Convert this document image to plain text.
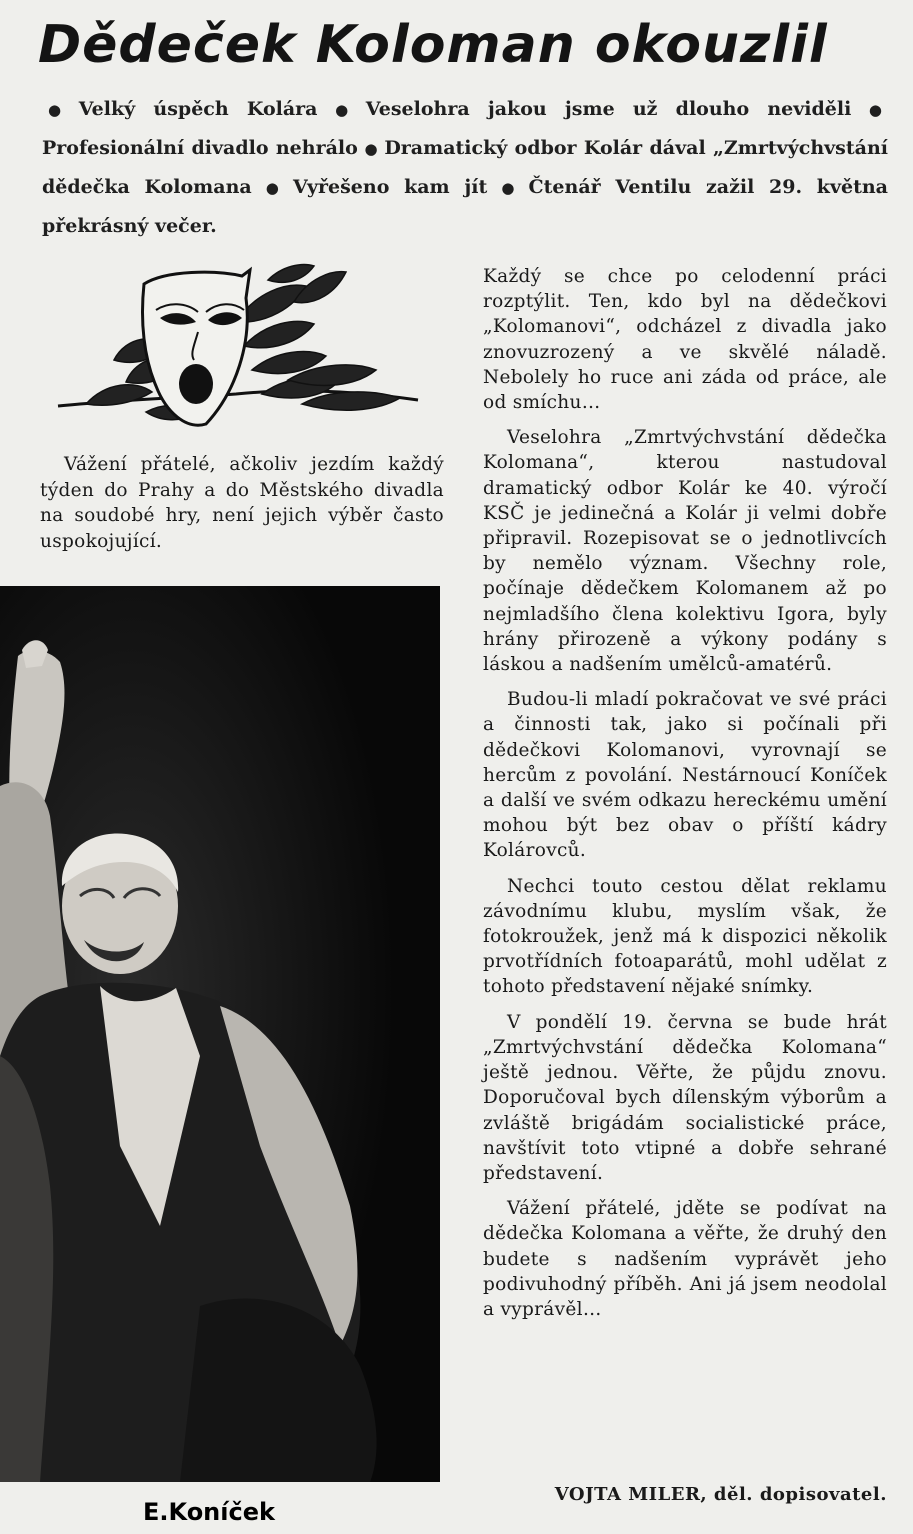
Dědeček Koloman okouzlil

● Velký úspěch Kolára ● Veselohra jakou jsme už dlouho neviděli ● Profesionální divadlo nehrálo ● Dramatický odbor Kolár dával „Zmrtvýchvstání dědečka Kolomana ● Vyřešeno kam jít ● Čtenář Ventilu zažil 29. května překrásný večer.

Vážení přátelé, ačkoliv jezdím každý týden do Prahy a do Městského divadla na soudobé hry, není jejich výběr často uspokojující.

E.Koníček

Každý se chce po celodenní práci rozptýlit. Ten, kdo byl na dědečkovi „Kolomanovi“, odcházel z divadla jako znovuzrozený a ve skvělé náladě. Nebolely ho ruce ani záda od práce, ale od smíchu…

Veselohra „Zmrtvýchvstání dědečka Kolomana“, kterou nastudoval dramatický odbor Kolár ke 40. výročí KSČ je jedinečná a Kolár ji velmi dobře připravil. Rozepisovat se o jednotlivcích by nemělo význam. Všechny role, počínaje dědečkem Kolomanem až po nejmladšího člena kolektivu Igora, byly hrány přirozeně a výkony podány s láskou a nadšením umělců-amatérů.

Budou-li mladí pokračovat ve své práci a činnosti tak, jako si počínali při dědečkovi Kolomanovi, vyrovnají se hercům z povolání. Nestárnoucí Koníček a další ve svém odkazu hereckému umění mohou být bez obav o příští kádry Kolárovců.

Nechci touto cestou dělat reklamu závodnímu klubu, myslím však, že fotokroužek, jenž má k dispozici několik prvotřídních fotoaparátů, mohl udělat z tohoto představení nějaké snímky.

V pondělí 19. června se bude hrát „Zmrtvýchvstání dědečka Kolomana“ ještě jednou. Věřte, že půjdu znovu. Doporučoval bych dílenským výborům a zvláště brigádám socialistické práce, navštívit toto vtipné a dobře sehrané představení.

Vážení přátelé, jděte se podívat na dědečka Kolomana a věřte, že druhý den budete s nadšením vyprávět jeho podivuhodný příběh. Ani já jsem neodolal a vyprávěl…

VOJTA MILER, děl. dopisovatel.
